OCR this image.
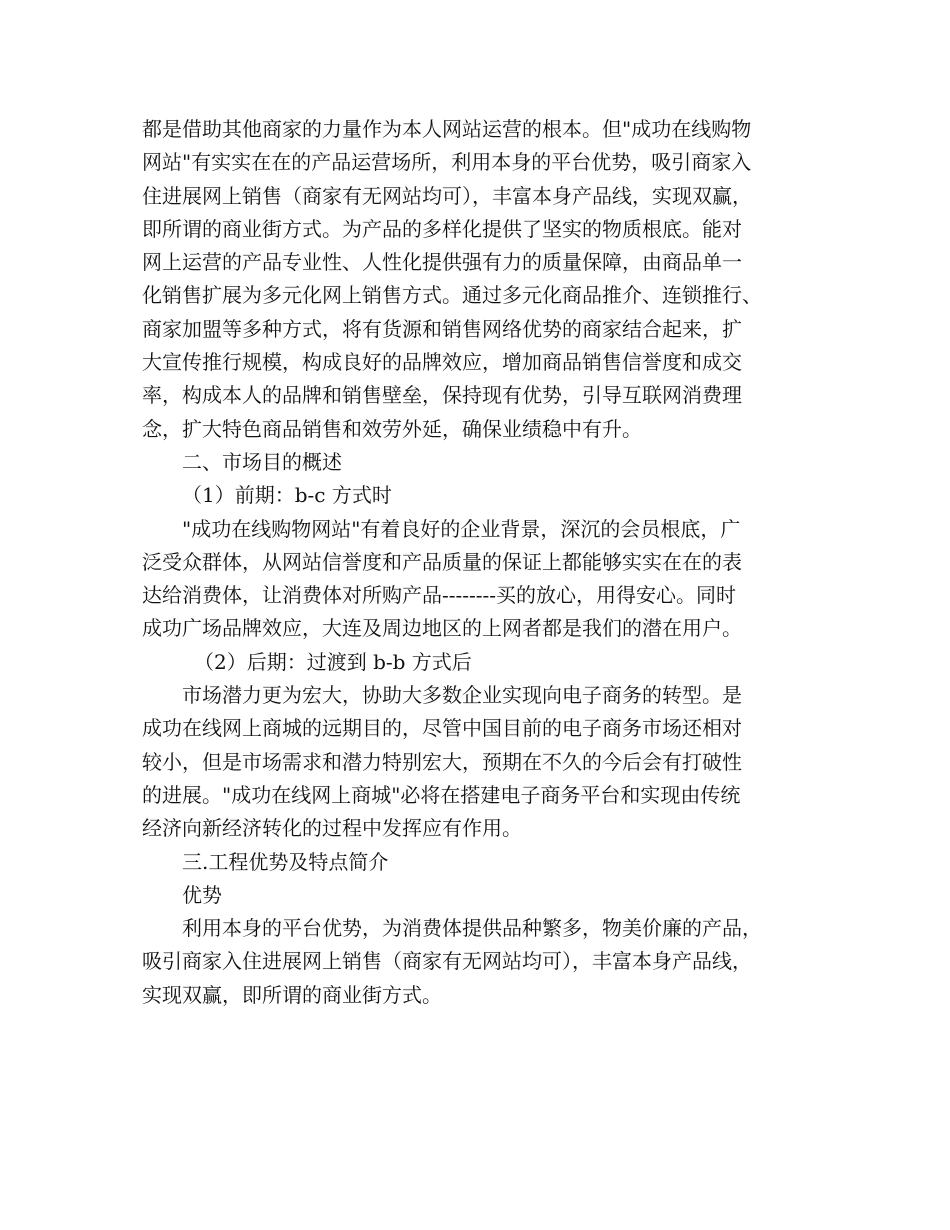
都是借助其他商家的力量作为本人网站运营的根本。但"成功在线购物
网站"有实实在在的产品运营场所，利用本身的平台优势，吸引商家入
住进展网上销售（商家有无网站均可），丰富本身产品线，实现双赢，
即所谓的商业街方式。为产品的多样化提供了坚实的物质根底。能对
网上运营的产品专业性、人性化提供强有力的质量保障，由商品单一
化销售扩展为多元化网上销售方式。通过多元化商品推介、连锁推行、
商家加盟等多种方式，将有货源和销售网络优势的商家结合起来，扩
大宣传推行规模，构成良好的品牌效应，增加商品销售信誉度和成交
率，构成本人的品牌和销售壁垒，保持现有优势，引导互联网消费理
念，扩大特色商品销售和效劳外延，确保业绩稳中有升。
二、市场目的概述
（1）前期：b-c 方式时
"成功在线购物网站"有着良好的企业背景，深沉的会员根底，广
泛受众群体，从网站信誉度和产品质量的保证上都能够实实在在的表
达给消费体，让消费体对所购产品--------买的放心，用得安心。同时
成功广场品牌效应，大连及周边地区的上网者都是我们的潜在用户。
（2）后期：过渡到 b-b 方式后
市场潜力更为宏大，协助大多数企业实现向电子商务的转型。是
成功在线网上商城的远期目的，尽管中国目前的电子商务市场还相对
较小，但是市场需求和潜力特别宏大，预期在不久的今后会有打破性
的进展。"成功在线网上商城"必将在搭建电子商务平台和实现由传统
经济向新经济转化的过程中发挥应有作用。
三.工程优势及特点简介
优势
利用本身的平台优势，为消费体提供品种繁多，物美价廉的产品，
吸引商家入住进展网上销售（商家有无网站均可），丰富本身产品线，
实现双赢，即所谓的商业街方式。
